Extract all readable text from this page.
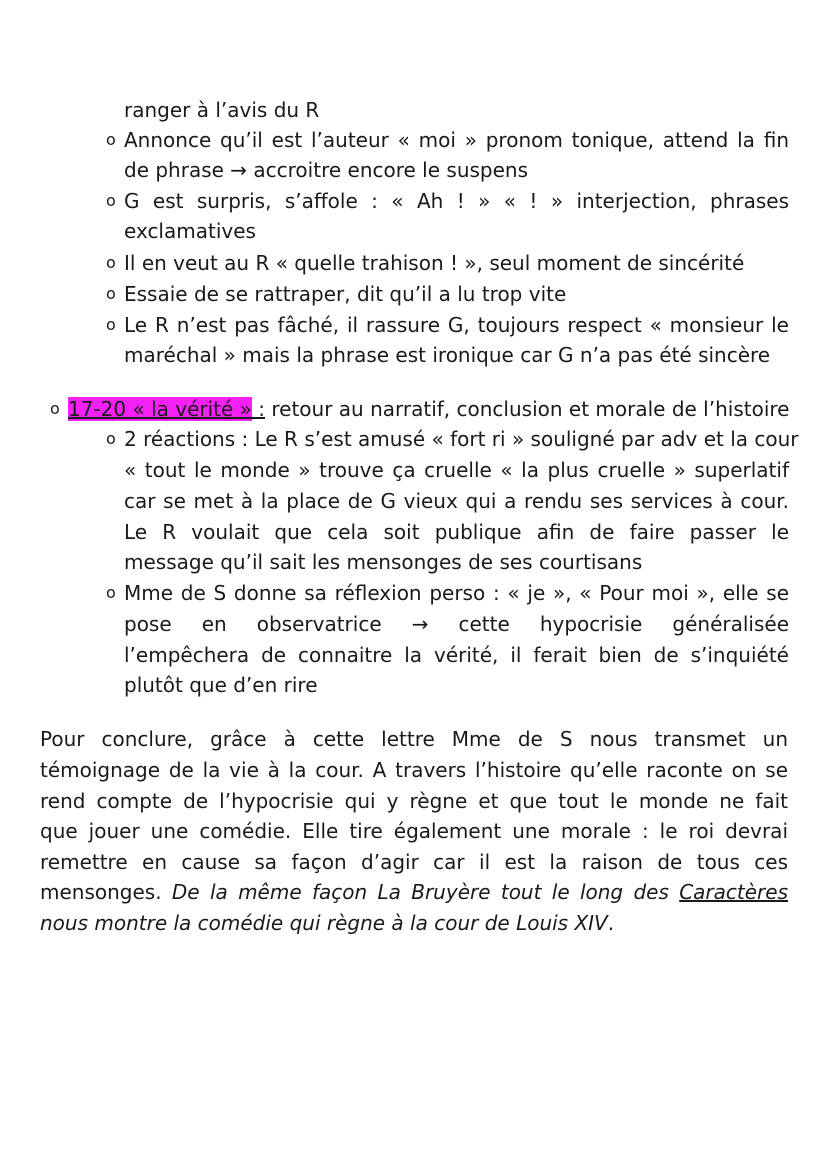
ranger à l’avis du R
o Annonce qu’il est l’auteur « moi » pronom tonique, attend la fin
de phrase → accroitre encore le suspens
o G est surpris, s’affole : « Ah ! » « ! » interjection, phrases
exclamatives
o Il en veut au R « quelle trahison ! », seul moment de sincérité
o Essaie de se rattraper, dit qu’il a lu trop vite
o Le R n’est pas fâché, il rassure G, toujours respect « monsieur le
maréchal » mais la phrase est ironique car G n’a pas été sincère
o 17-20 « la vérité » : retour au narratif, conclusion et morale de l’histoire
o 2 réactions : Le R s’est amusé « fort ri » souligné par adv et la cour
« tout le monde » trouve ça cruelle « la plus cruelle » superlatif
car se met à la place de G vieux qui a rendu ses services à cour.
Le R voulait que cela soit publique afin de faire passer le
message qu’il sait les mensonges de ses courtisans
o Mme de S donne sa réflexion perso : « je », « Pour moi », elle se
pose en observatrice → cette hypocrisie généralisée
l’empêchera de connaitre la vérité, il ferait bien de s’inquiété
plutôt que d’en rire
Pour conclure, grâce à cette lettre Mme de S nous transmet un
témoignage de la vie à la cour. A travers l’histoire qu’elle raconte on se
rend compte de l’hypocrisie qui y règne et que tout le monde ne fait
que jouer une comédie. Elle tire également une morale : le roi devrai
remettre en cause sa façon d’agir car il est la raison de tous ces
mensonges. De la même façon La Bruyère tout le long des Caractères
nous montre la comédie qui règne à la cour de Louis XIV.
